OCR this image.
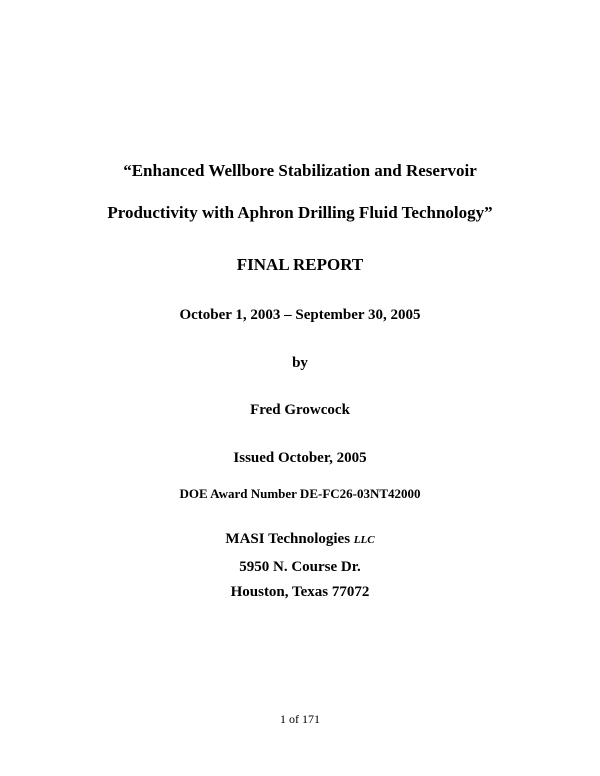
“Enhanced Wellbore Stabilization and Reservoir
Productivity with Aphron Drilling Fluid Technology”
FINAL REPORT
October 1, 2003 – September 30, 2005
by
Fred Growcock
Issued October, 2005
DOE Award Number DE-FC26-03NT42000
MASI Technologies LLC
5950 N. Course Dr.
Houston, Texas 77072
1 of 171
